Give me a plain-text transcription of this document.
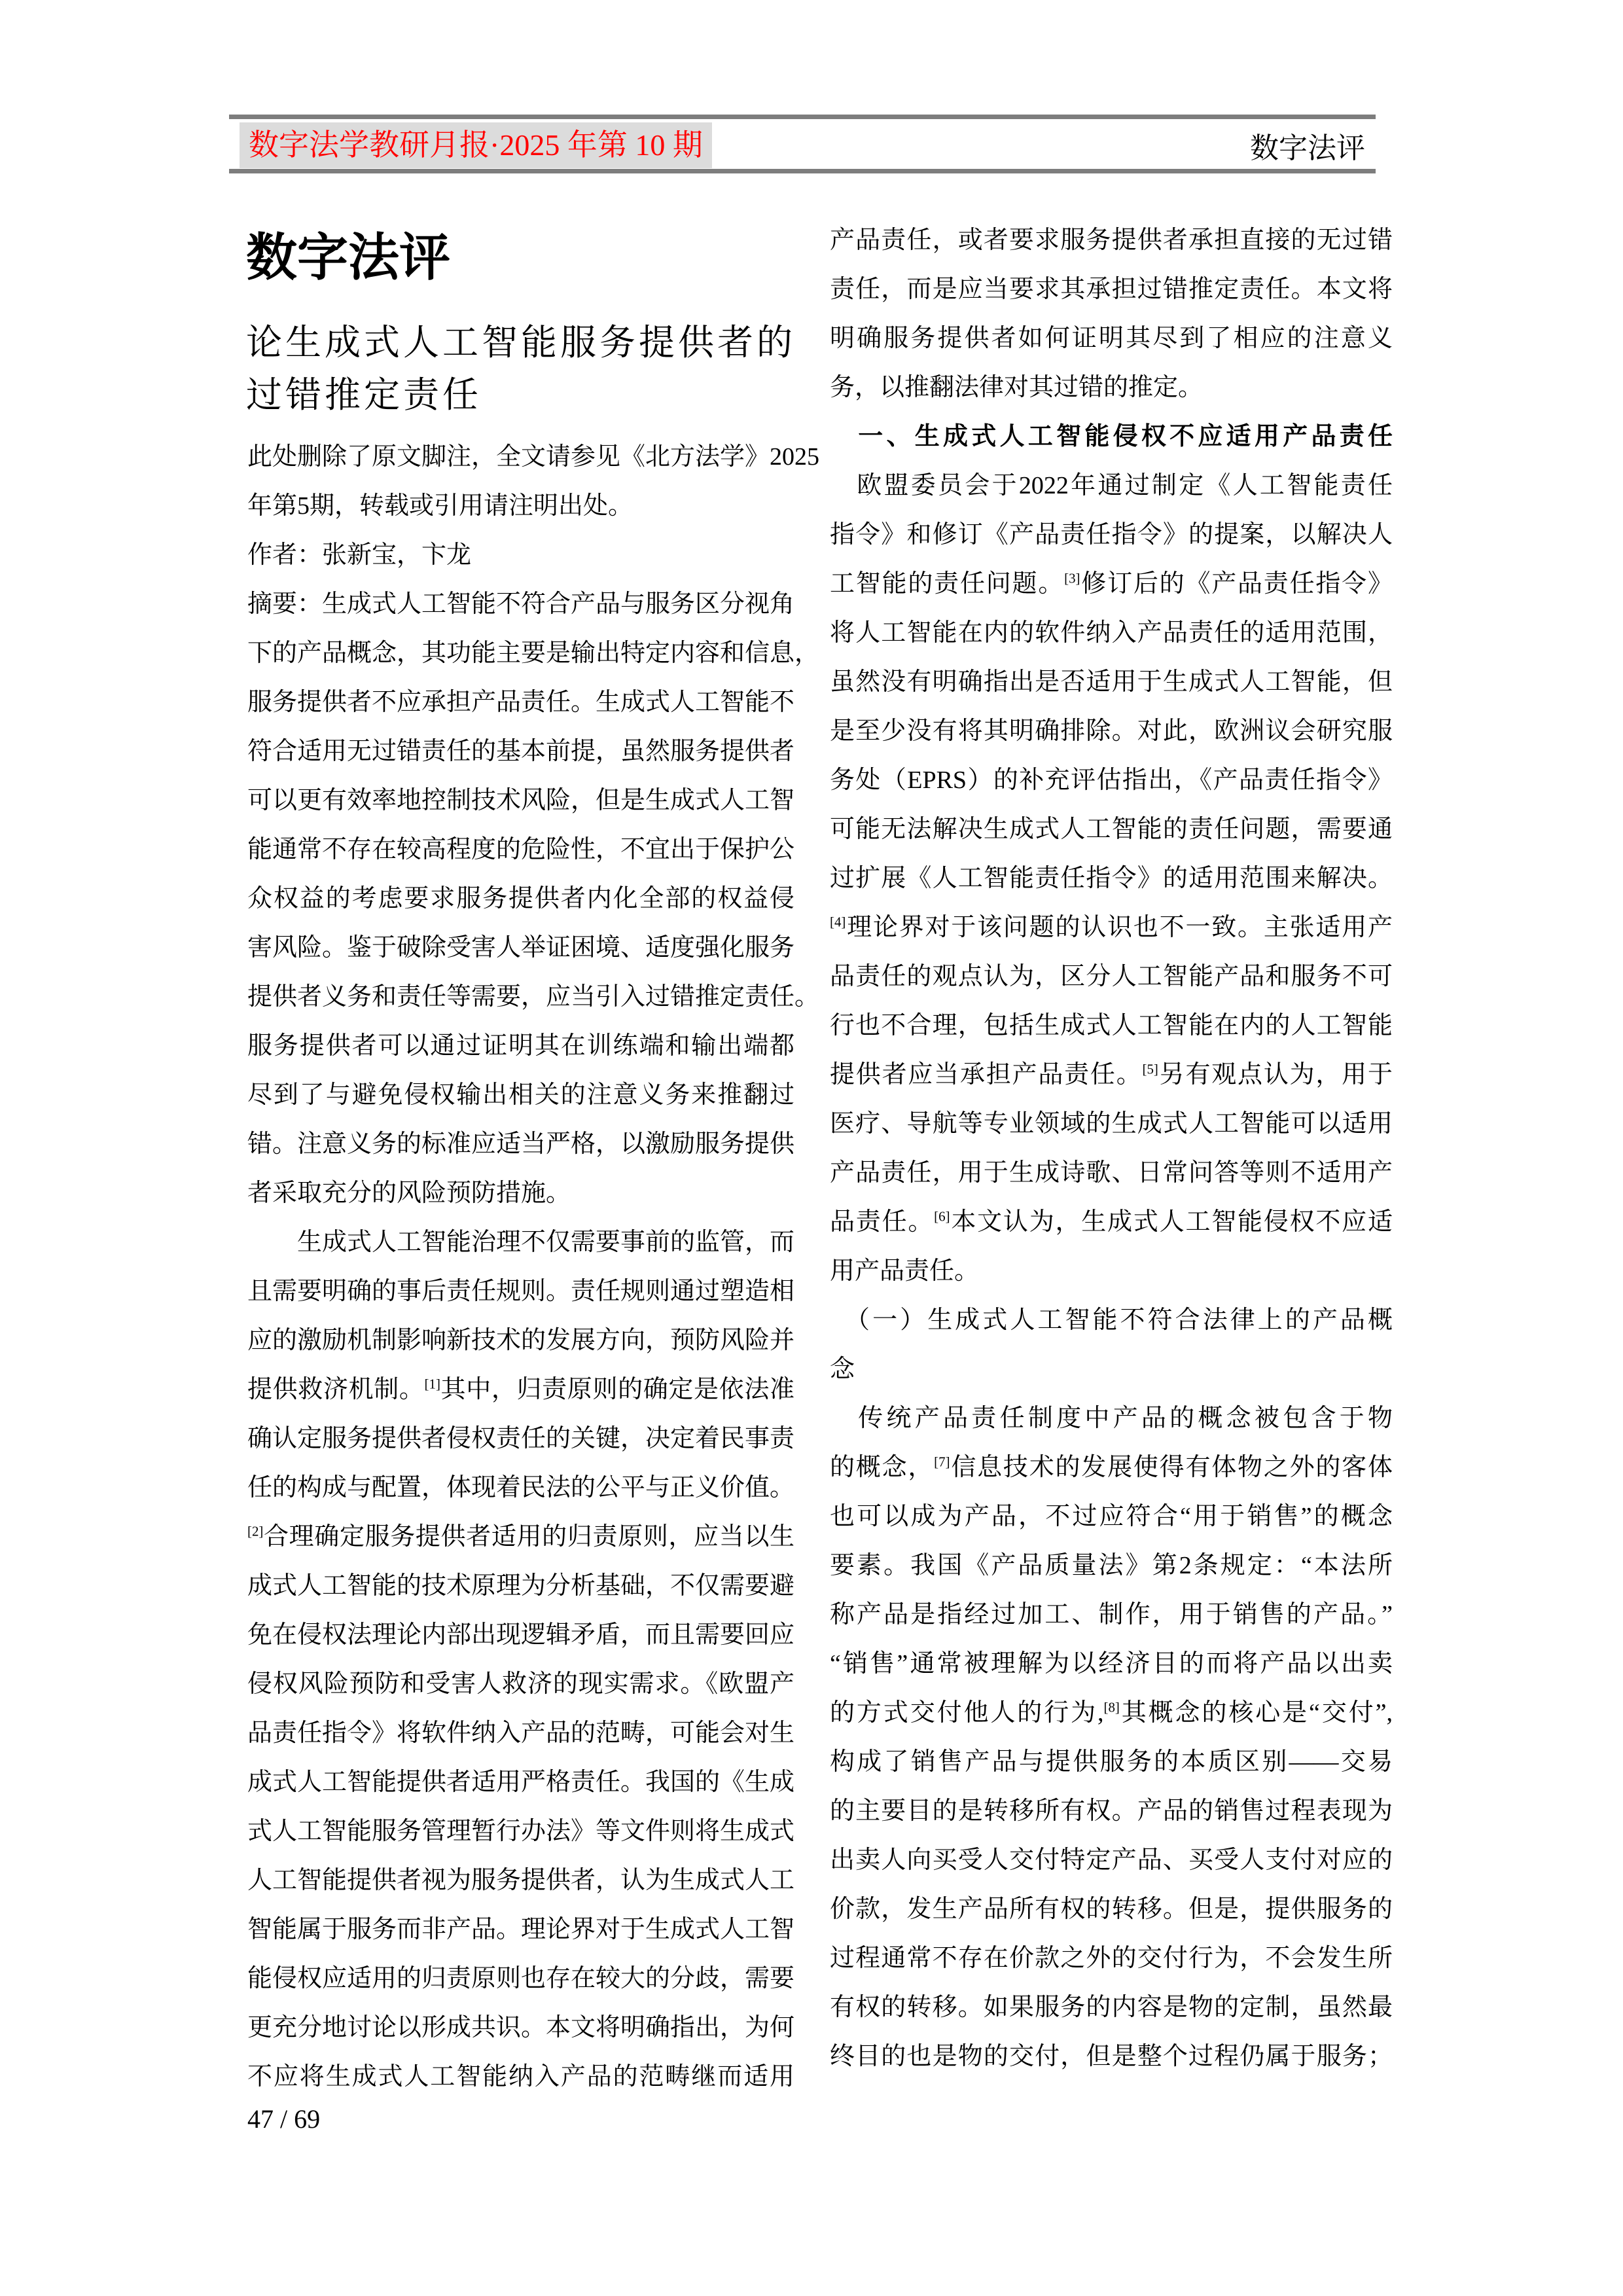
数字法学教研月报·2025 年第 10 期	数字法评
数字法评
论生成式人工智能服务提供者的
过错推定责任
此处删除了原文脚注，全文请参见《北方法学》2025
年第5期，转载或引用请注明出处。
作者：张新宝，卞龙
摘要：生成式人工智能不符合产品与服务区分视角
下的产品概念，其功能主要是输出特定内容和信息，
服务提供者不应承担产品责任。生成式人工智能不
符合适用无过错责任的基本前提，虽然服务提供者
可以更有效率地控制技术风险，但是生成式人工智
能通常不存在较高程度的危险性，不宜出于保护公
众权益的考虑要求服务提供者内化全部的权益侵
害风险。鉴于破除受害人举证困境、适度强化服务
提供者义务和责任等需要，应当引入过错推定责任。
服务提供者可以通过证明其在训练端和输出端都
尽到了与避免侵权输出相关的注意义务来推翻过
错。注意义务的标准应适当严格，以激励服务提供
者采取充分的风险预防措施。
　　生成式人工智能治理不仅需要事前的监管，而
且需要明确的事后责任规则。责任规则通过塑造相
应的激励机制影响新技术的发展方向，预防风险并
提供救济机制。[1]其中，归责原则的确定是依法准
确认定服务提供者侵权责任的关键，决定着民事责
任的构成与配置，体现着民法的公平与正义价值。
[2]合理确定服务提供者适用的归责原则，应当以生
成式人工智能的技术原理为分析基础，不仅需要避
免在侵权法理论内部出现逻辑矛盾，而且需要回应
侵权风险预防和受害人救济的现实需求。《欧盟产
品责任指令》将软件纳入产品的范畴，可能会对生
成式人工智能提供者适用严格责任。我国的《生成
式人工智能服务管理暂行办法》等文件则将生成式
人工智能提供者视为服务提供者，认为生成式人工
智能属于服务而非产品。理论界对于生成式人工智
能侵权应适用的归责原则也存在较大的分歧，需要
更充分地讨论以形成共识。本文将明确指出，为何
不应将生成式人工智能纳入产品的范畴继而适用
产品责任，或者要求服务提供者承担直接的无过错
责任，而是应当要求其承担过错推定责任。本文将
明确服务提供者如何证明其尽到了相应的注意义
务，以推翻法律对其过错的推定。
　一、生成式人工智能侵权不应适用产品责任
　欧盟委员会于2022年通过制定《人工智能责任
指令》和修订《产品责任指令》的提案，以解决人
工智能的责任问题。[3]修订后的《产品责任指令》
将人工智能在内的软件纳入产品责任的适用范围，
虽然没有明确指出是否适用于生成式人工智能，但
是至少没有将其明确排除。对此，欧洲议会研究服
务处（EPRS）的补充评估指出，《产品责任指令》
可能无法解决生成式人工智能的责任问题，需要通
过扩展《人工智能责任指令》的适用范围来解决。
[4]理论界对于该问题的认识也不一致。主张适用产
品责任的观点认为，区分人工智能产品和服务不可
行也不合理，包括生成式人工智能在内的人工智能
提供者应当承担产品责任。[5]另有观点认为，用于
医疗、导航等专业领域的生成式人工智能可以适用
产品责任，用于生成诗歌、日常问答等则不适用产
品责任。[6]本文认为，生成式人工智能侵权不应适
用产品责任。
　（一）生成式人工智能不符合法律上的产品概
念
　传统产品责任制度中产品的概念被包含于物
的概念，[7]信息技术的发展使得有体物之外的客体
也可以成为产品，不过应符合“用于销售”的概念
要素。我国《产品质量法》第2条规定：“本法所
称产品是指经过加工、制作，用于销售的产品。”
“销售”通常被理解为以经济目的而将产品以出卖
的方式交付他人的行为,[8]其概念的核心是“交付”,
构成了销售产品与提供服务的本质区别——交易
的主要目的是转移所有权。产品的销售过程表现为
出卖人向买受人交付特定产品、买受人支付对应的
价款，发生产品所有权的转移。但是，提供服务的
过程通常不存在价款之外的交付行为，不会发生所
有权的转移。如果服务的内容是物的定制，虽然最
终目的也是物的交付，但是整个过程仍属于服务；
47 / 69
